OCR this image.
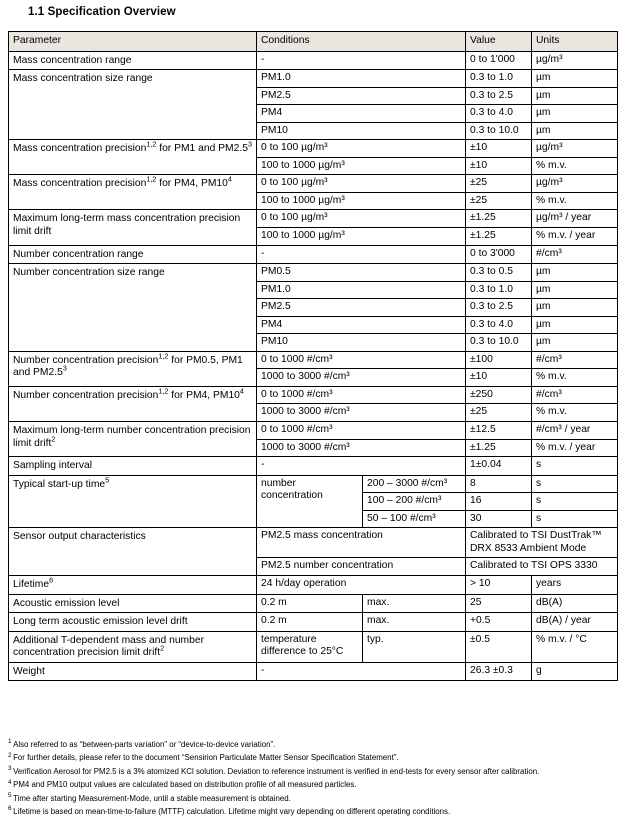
1.1 Specification Overview
Parameter	Conditions		Value	Units
Mass concentration range	-		0 to 1'000	µg/m³
Mass concentration size range	PM1.0		0.3 to 1.0	µm
	PM2.5		0.3 to 2.5	µm
	PM4		0.3 to 4.0	µm
	PM10		0.3 to 10.0	µm
Mass concentration precision$^{1,2}$ for PM1 and $PM2.5^3$	0 to 100 µg/m³		±10	µg/m³
	100 to 1000 µg/m³		±10	% m.v.
Mass concentration precision$^{1,2}$ for PM4, $PM10^4$	0 to 100 µg/m³		±25	µg/m³
	100 to 1000 µg/m³		±25	% m.v.
Maximum long-term mass concentration precision limit drift	0 to 100 µg/m³		±1.25	µg/m³ / year
	100 to 1000 µg/m³		±1.25	% m.v. / year
Number concentration range	-		0 to 3'000	#/cm³
Number concentration size range	PM0.5		0.3 to 0.5	µm
	PM1.0		0.3 to 1.0	µm
	PM2.5		0.3 to 2.5	µm
	PM4		0.3 to 4.0	µm
	PM10		0.3 to 10.0	µm
Number concentration precision$^{1,2}$ for PM0.5, PM1 and $PM2.5^3$	0 to 1000 #/cm³		±100	#/cm³
	1000 to 3000 #/cm³		±10	% m.v.
Number concentration precision$^{1,2}$ for PM4, $PM10^4$	0 to 1000 #/cm³		±250	#/cm³
	1000 to 3000 #/cm³		±25	% m.v.
Maximum long-term number concentration precision limit drift$^2$	0 to 1000 #/cm³		±12.5	#/cm³ / year
	1000 to 3000 #/cm³		±1.25	% m.v. / year
Sampling interval	-		1±0.04	s
Typical start-up time$^5$	number concentration	200 – 3000 #/cm³	8	s
		100 – 200 #/cm³	16	s
		50 – 100 #/cm³	30	s
Sensor output characteristics	PM2.5 mass concentration		Calibrated to TSI DustTrak™ DRX 8533 Ambient Mode	
	PM2.5 number concentration		Calibrated to TSI OPS 3330	
Lifetime$^6$	24 h/day operation		> 10	years
Acoustic emission level	0.2 m	max.	25	dB(A)
Long term acoustic emission level drift	0.2 m	max.	+0.5	dB(A) / year
Additional T-dependent mass and number concentration precision limit drift$^2$	temperature difference to 25°C	typ.	±0.5	% m.v. / °C
Weight	-		26.3 ±0.3	g
$^1$ Also referred to as “between-parts variation” or “device-to-device variation”.
$^2$ For further details, please refer to the document “Sensirion Particulate Matter Sensor Specification Statement”.
$^3$ Verification Aerosol for PM2.5 is a 3% atomized KCl solution. Deviation to reference instrument is verified in end-tests for every sensor after calibration.
$^4$ PM4 and PM10 output values are calculated based on distribution profile of all measured particles.
$^5$ Time after starting Measurement-Mode, until a stable measurement is obtained.
$^6$ Lifetime is based on mean-time-to-failure (MTTF) calculation. Lifetime might vary depending on different operating conditions.
